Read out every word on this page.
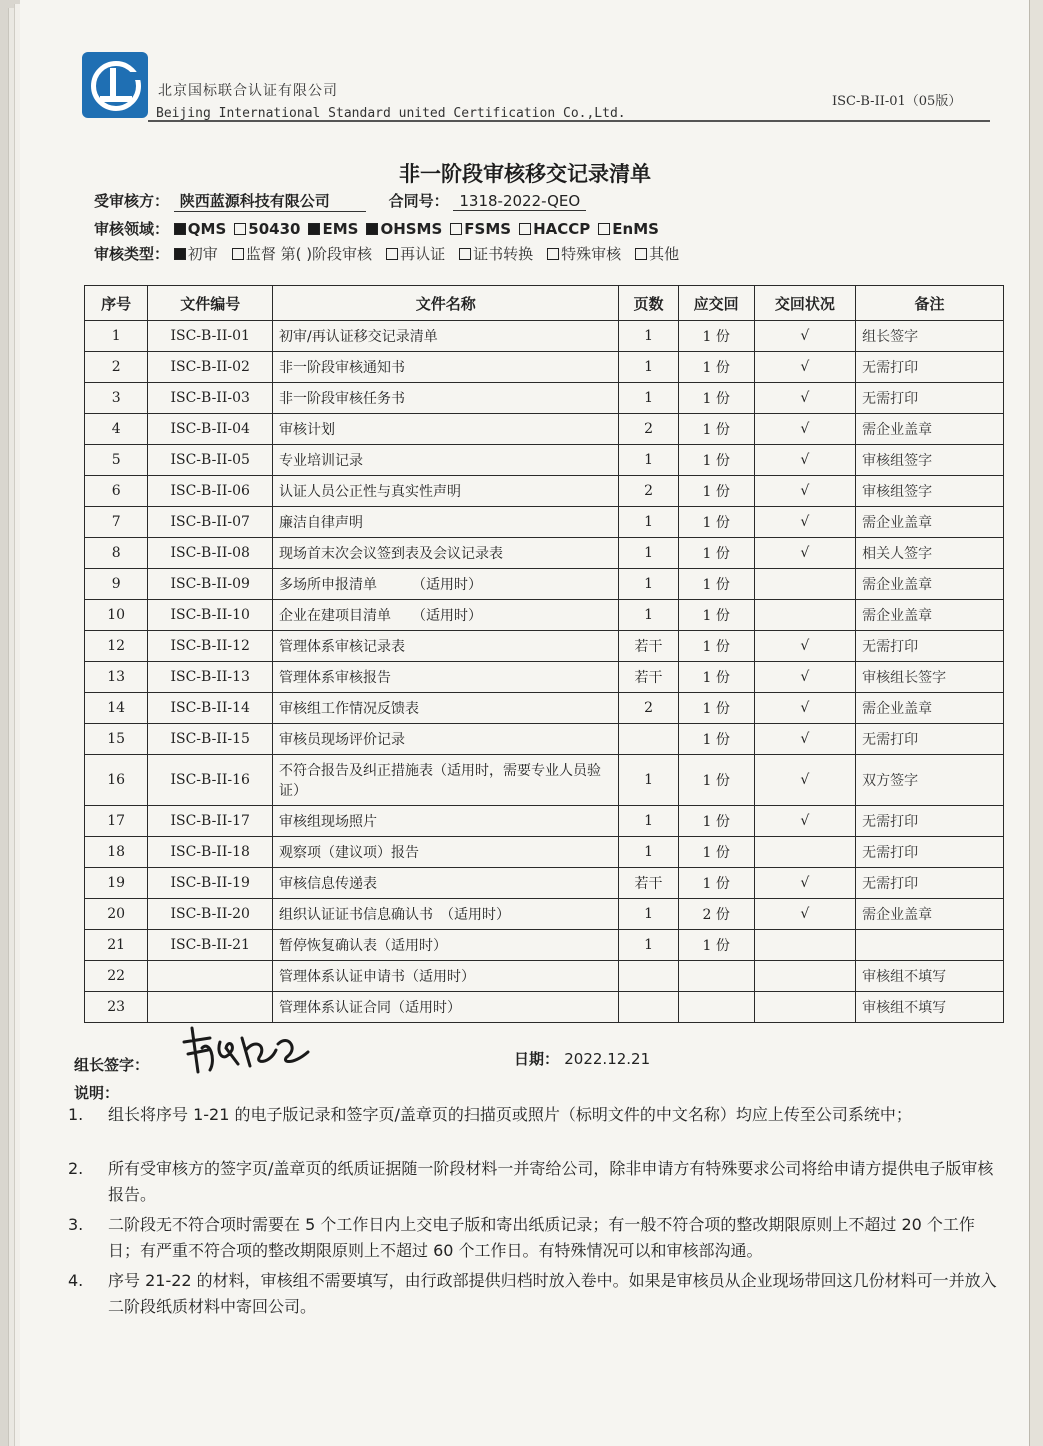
北京国标联合认证有限公司
Beijing International Standard united Certification Co.,Ltd.
ISC-B-II-01（05版）
非一阶段审核移交记录清单
受审核方： 陕西蓝源科技有限公司	合同号： 1318-2022-QEO
审核领域： QMS 50430 EMS OHSMS FSMS HACCP EnMS
审核类型： 初审 监督 第( )阶段审核 再认证 证书转换 特殊审核 其他
序号	文件编号	文件名称	页数	应交回	交回状况	备注
1	ISC-B-II-01	初审/再认证移交记录清单	1	1 份	√	组长签字
2	ISC-B-II-02	非一阶段审核通知书	1	1 份	√	无需打印
3	ISC-B-II-03	非一阶段审核任务书	1	1 份	√	无需打印
4	ISC-B-II-04	审核计划	2	1 份	√	需企业盖章
5	ISC-B-II-05	专业培训记录	1	1 份	√	审核组签字
6	ISC-B-II-06	认证人员公正性与真实性声明	2	1 份	√	审核组签字
7	ISC-B-II-07	廉洁自律声明	1	1 份	√	需企业盖章
8	ISC-B-II-08	现场首末次会议签到表及会议记录表	1	1 份	√	相关人签字
9	ISC-B-II-09	多场所申报清单　　　（适用时）	1	1 份		需企业盖章
10	ISC-B-II-10	企业在建项目清单　　（适用时）	1	1 份		需企业盖章
12	ISC-B-II-12	管理体系审核记录表	若干	1 份	√	无需打印
13	ISC-B-II-13	管理体系审核报告	若干	1 份	√	审核组长签字
14	ISC-B-II-14	审核组工作情况反馈表	2	1 份	√	需企业盖章
15	ISC-B-II-15	审核员现场评价记录		1 份	√	无需打印
16	ISC-B-II-16	不符合报告及纠正措施表（适用时，需要专业人员验证）	1	1 份	√	双方签字
17	ISC-B-II-17	审核组现场照片	1	1 份	√	无需打印
18	ISC-B-II-18	观察项（建议项）报告	1	1 份		无需打印
19	ISC-B-II-19	审核信息传递表	若干	1 份	√	无需打印
20	ISC-B-II-20	组织认证证书信息确认书　（适用时）	1	2 份	√	需企业盖章
21	ISC-B-II-21	暂停恢复确认表（适用时）	1	1 份		
22		管理体系认证申请书（适用时）				审核组不填写
23		管理体系认证合同（适用时）				审核组不填写
组长签字：	日期： 2022.12.21
说明：
1. 组长将序号 1-21 的电子版记录和签字页/盖章页的扫描页或照片（标明文件的中文名称）均应上传至公司系统中；
2. 所有受审核方的签字页/盖章页的纸质证据随一阶段材料一并寄给公司，除非申请方有特殊要求公司将给申请方提供电子版审核报告。
3. 二阶段无不符合项时需要在 5 个工作日内上交电子版和寄出纸质记录；有一般不符合项的整改期限原则上不超过 20 个工作日；有严重不符合项的整改期限原则上不超过 60 个工作日。有特殊情况可以和审核部沟通。
4. 序号 21-22 的材料，审核组不需要填写，由行政部提供归档时放入卷中。如果是审核员从企业现场带回这几份材料可一并放入二阶段纸质材料中寄回公司。
